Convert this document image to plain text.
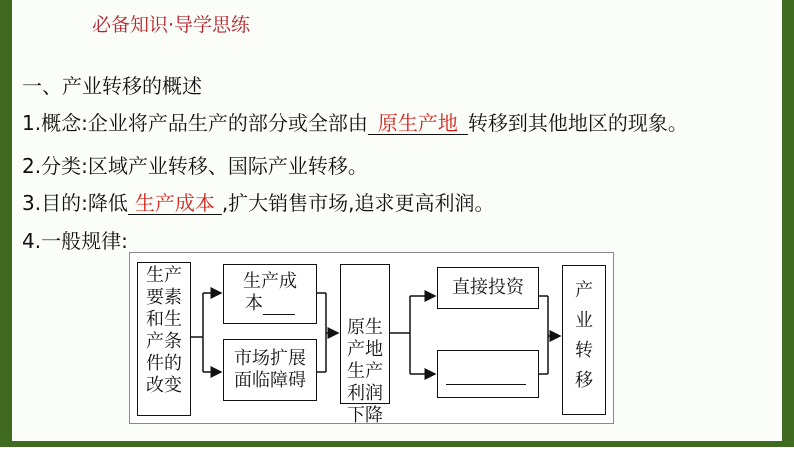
必备知识·导学思练
一、产业转移的概述
1.概念:企业将产品生产的部分或全部由 原生产地 转移到其他地区的现象。
2.分类:区域产业转移、国际产业转移。
3.目的:降低 生产成本 ,扩大销售市场,追求更高利润。
4.一般规律:
生产
要素
和生
产条
件的
改变
生产成
本
市场扩展
面临障碍

原生
产地
生产
利润
下降

直接投资	产
业
转
移
